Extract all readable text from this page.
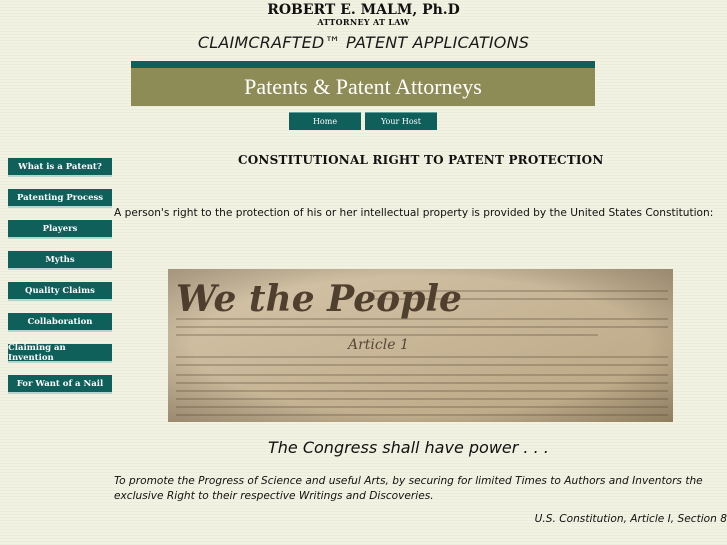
ROBERT E. MALM, Ph.D
ATTORNEY AT LAW
CLAIMCRAFTED™ PATENT APPLICATIONS
Patents & Patent Attorneys
Home	Your Host
What is a Patent?
Patenting Process
Players
Myths
Quality Claims
Collaboration
Claiming an Invention
For Want of a Nail
CONSTITUTIONAL RIGHT TO PATENT PROTECTION
A person's right to the protection of his or her intellectual property is provided by the United States Constitution:
We the People
Article 1
The Congress shall have power . . .
To promote the Progress of Science and useful Arts, by securing for limited Times to Authors and Inventors the exclusive Right to their respective Writings and Discoveries.
U.S. Constitution, Article I, Section 8
